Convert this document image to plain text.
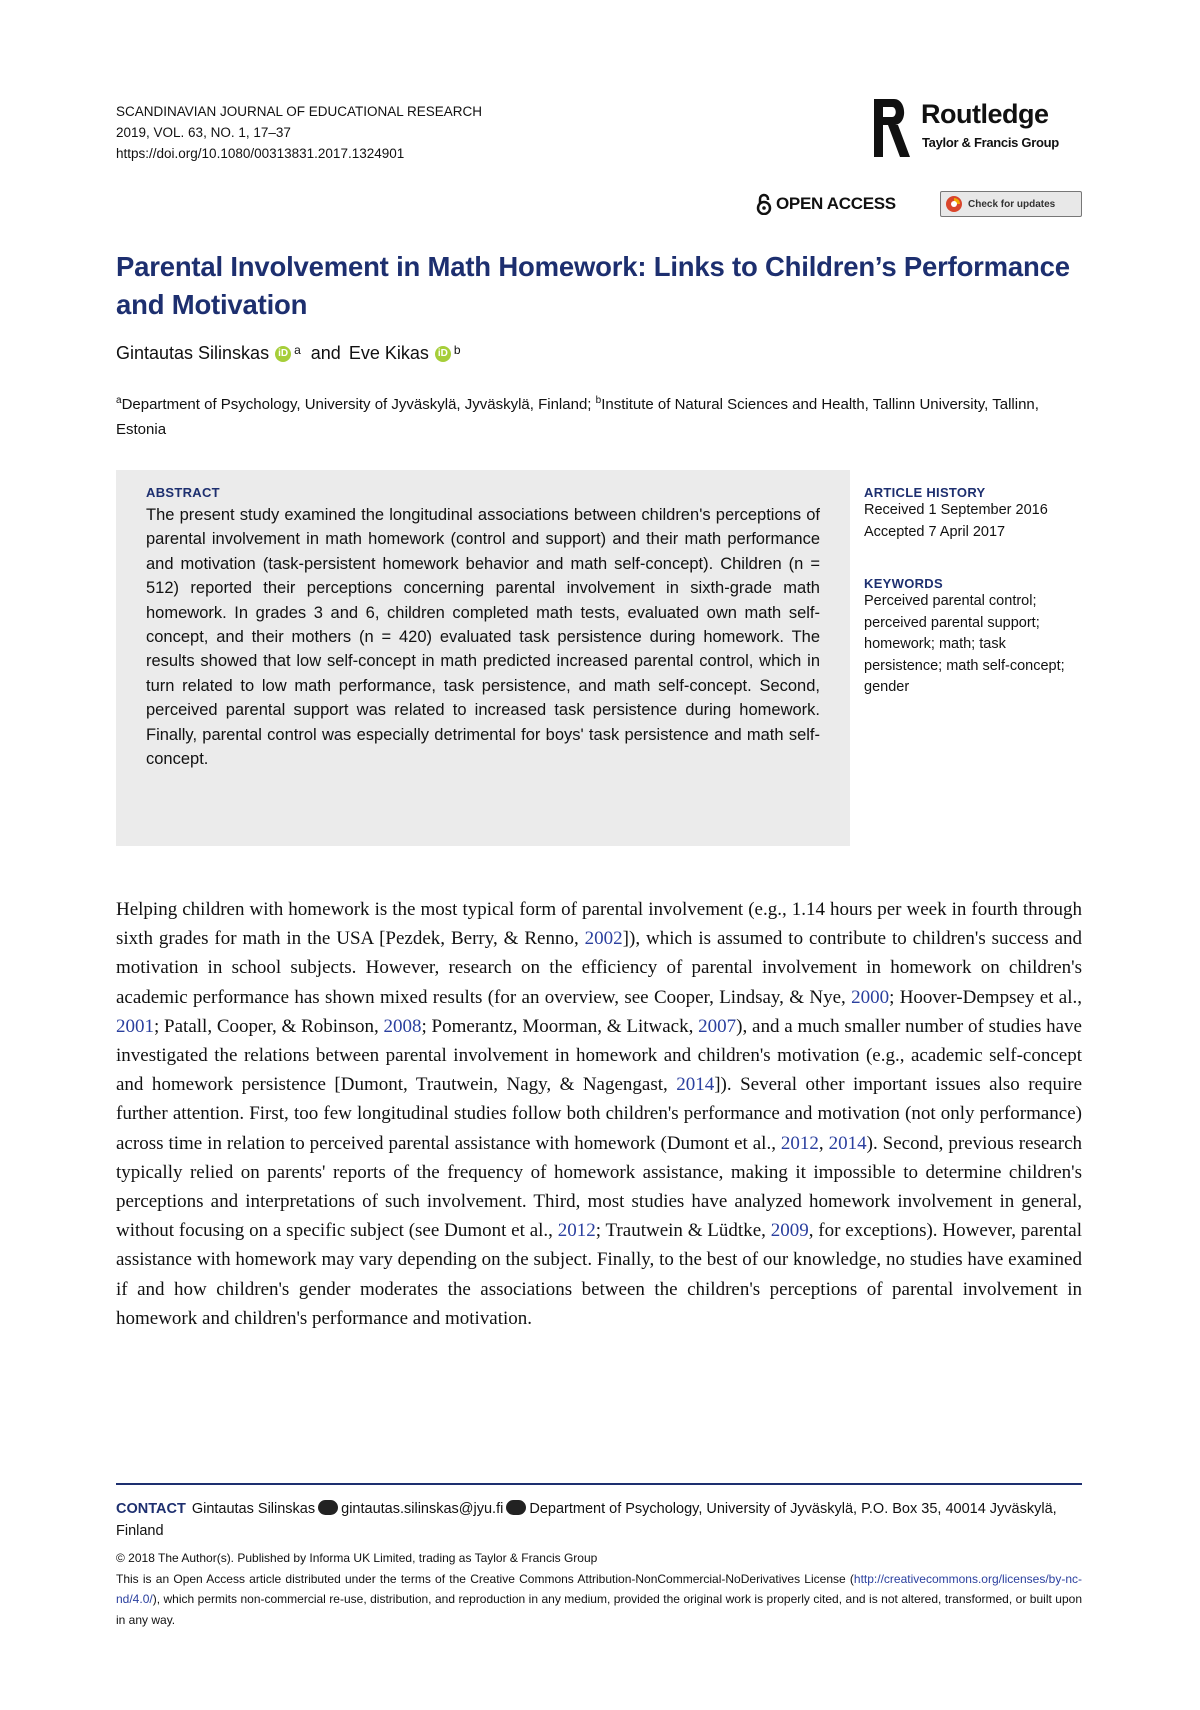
SCANDINAVIAN JOURNAL OF EDUCATIONAL RESEARCH
2019, VOL. 63, NO. 1, 17–37
https://doi.org/10.1080/00313831.2017.1324901
Routledge
Taylor & Francis Group
OPEN ACCESS	Check for updates
Parental Involvement in Math Homework: Links to Children’s Performance and Motivation
Gintautas Silinskas iD $^a$ and Eve Kikas iD $^b$
$^a$Department of Psychology, University of Jyväskylä, Jyväskylä, Finland; $^b$Institute of Natural Sciences and Health, Tallinn University, Tallinn, Estonia
ABSTRACT
The present study examined the longitudinal associations between children's perceptions of parental involvement in math homework (control and support) and their math performance and motivation (task-persistent homework behavior and math self-concept). Children (n = 512) reported their perceptions concerning parental involvement in sixth-grade math homework. In grades 3 and 6, children completed math tests, evaluated own math self-concept, and their mothers (n = 420) evaluated task persistence during homework. The results showed that low self-concept in math predicted increased parental control, which in turn related to low math performance, task persistence, and math self-concept. Second, perceived parental support was related to increased task persistence during homework. Finally, parental control was especially detrimental for boys' task persistence and math self-concept.
ARTICLE HISTORY
Received 1 September 2016
Accepted 7 April 2017
KEYWORDS
Perceived parental control; perceived parental support; homework; math; task persistence; math self-concept; gender
Helping children with homework is the most typical form of parental involvement (e.g., 1.14 hours per week in fourth through sixth grades for math in the USA [Pezdek, Berry, & Renno, 2002]), which is assumed to contribute to children's success and motivation in school subjects. However, research on the efficiency of parental involvement in homework on children's academic performance has shown mixed results (for an overview, see Cooper, Lindsay, & Nye, 2000; Hoover-Dempsey et al., 2001; Patall, Cooper, & Robinson, 2008; Pomerantz, Moorman, & Litwack, 2007), and a much smaller number of studies have investigated the relations between parental involvement in homework and children's motivation (e.g., academic self-concept and homework persistence [Dumont, Trautwein, Nagy, & Nagengast, 2014]). Several other important issues also require further attention. First, too few longitudinal studies follow both children's performance and motivation (not only performance) across time in relation to perceived parental assistance with homework (Dumont et al., 2012, 2014). Second, previous research typically relied on parents' reports of the frequency of homework assistance, making it impossible to determine children's perceptions and interpretations of such involvement. Third, most studies have analyzed homework involvement in general, without focusing on a specific subject (see Dumont et al., 2012; Trautwein & Lüdtke, 2009, for exceptions). However, parental assistance with homework may vary depending on the subject. Finally, to the best of our knowledge, no studies have examined if and how children's gender moderates the associations between the children's perceptions of parental involvement in homework and children's performance and motivation.
CONTACT Gintautas Silinskas gintautas.silinskas@jyu.fi Department of Psychology, University of Jyväskylä, P.O. Box 35, 40014 Jyväskylä, Finland
© 2018 The Author(s). Published by Informa UK Limited, trading as Taylor & Francis Group
This is an Open Access article distributed under the terms of the Creative Commons Attribution-NonCommercial-NoDerivatives License (http://creativecommons.org/licenses/by-nc-nd/4.0/), which permits non-commercial re-use, distribution, and reproduction in any medium, provided the original work is properly cited, and is not altered, transformed, or built upon in any way.
